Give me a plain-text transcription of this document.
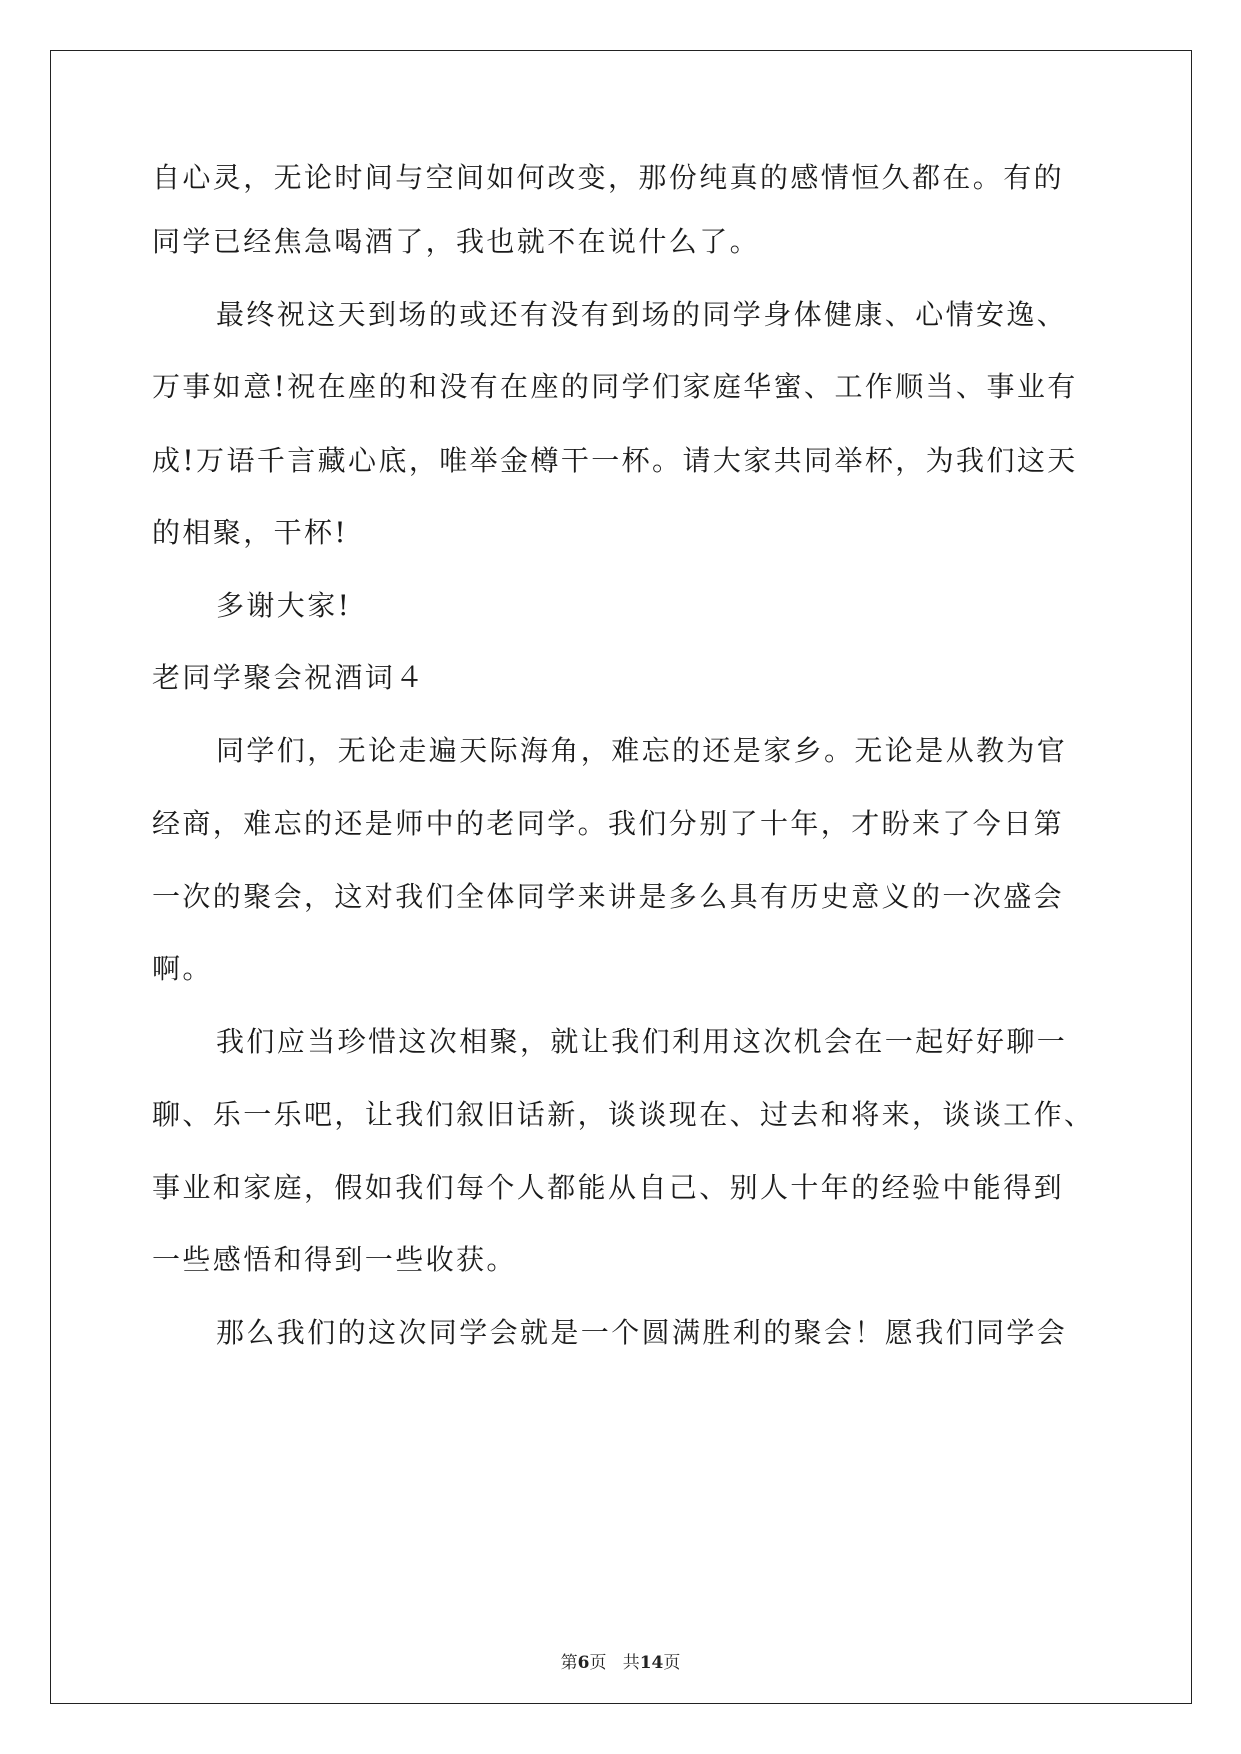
自心灵，无论时间与空间如何改变，那份纯真的感情恒久都在。有的
同学已经焦急喝酒了，我也就不在说什么了。
最终祝这天到场的或还有没有到场的同学身体健康、心情安逸、
万事如意!祝在座的和没有在座的同学们家庭华蜜、工作顺当、事业有
成!万语千言藏心底，唯举金樽干一杯。请大家共同举杯，为我们这天
的相聚，干杯!
多谢大家!
老同学聚会祝酒词４
同学们，无论走遍天际海角，难忘的还是家乡。无论是从教为官
经商，难忘的还是师中的老同学。我们分别了十年，才盼来了今日第
一次的聚会，这对我们全体同学来讲是多么具有历史意义的一次盛会
啊。
我们应当珍惜这次相聚，就让我们利用这次机会在一起好好聊一
聊、乐一乐吧，让我们叙旧话新，谈谈现在、过去和将来，谈谈工作、
事业和家庭，假如我们每个人都能从自己、别人十年的经验中能得到
一些感悟和得到一些收获。
那么我们的这次同学会就是一个圆满胜利的聚会！愿我们同学会
第6页 共14页
